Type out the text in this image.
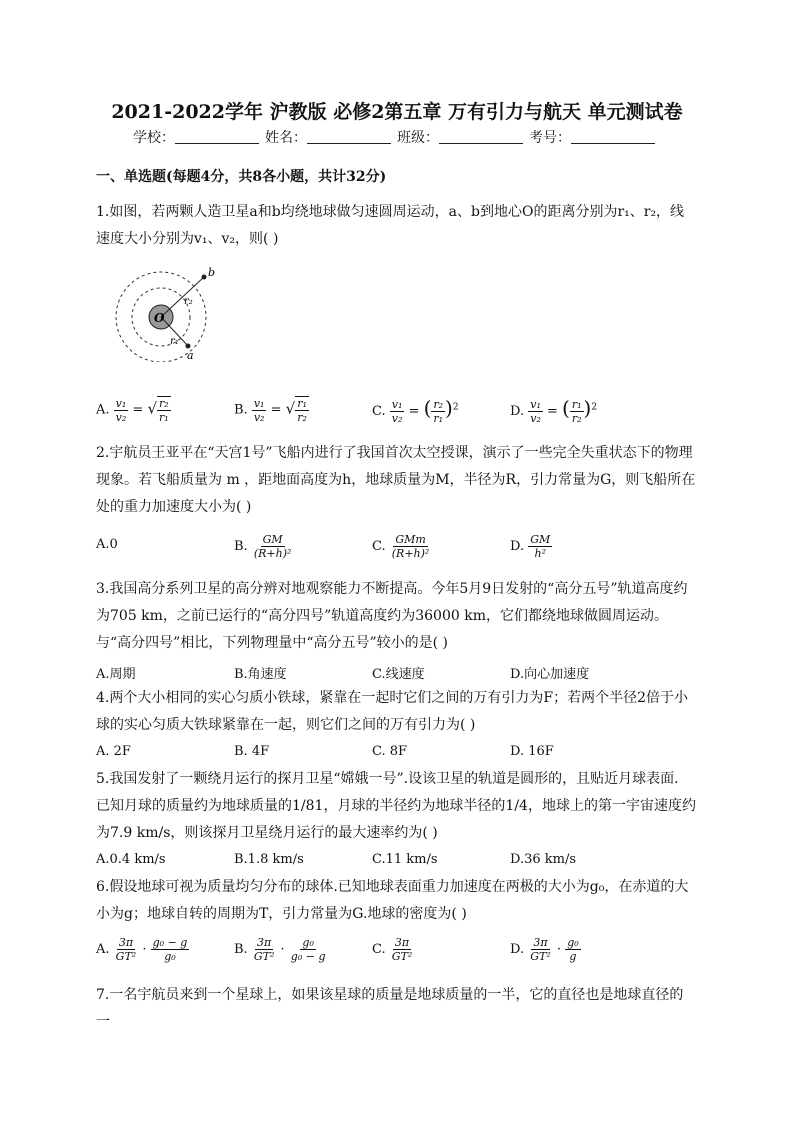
2021-2022学年 沪教版 必修2第五章 万有引力与航天 单元测试卷
学校：	姓名：	班级：	考号：
一、单选题(每题4分，共8各小题，共计32分)
1.如图，若两颗人造卫星a和b均绕地球做匀速圆周运动，a、b到地心O的距离分别为r₁、r₂，线速度大小分别为v₁、v₂，则( )
O
b
a
r₂
r₁
A. $\frac{\text{v₁}}{\text{v₂}}$ = √ $\frac{\text{r₂}}{\text{r₁}}$	B. $\frac{\text{v₁}}{\text{v₂}}$ = √ $\frac{\text{r₁}}{\text{r₂}}$	C. $\frac{\text{v₁}}{\text{v₂}}$ = ( $\frac{\text{r₂}}{\text{r₁}} )^2$	D. $\frac{\text{v₁}}{\text{v₂}}$ = ( $\frac{\text{r₁}}{\text{r₂}} )^2$
2.宇航员王亚平在“天宫1号”飞船内进行了我国首次太空授课，演示了一些完全失重状态下的物理现象。若飞船质量为 m ，距地面高度为h，地球质量为M，半径为R，引力常量为G，则飞船所在处的重力加速度大小为( )
A.0	B. $\frac{GM}{\text{(R+h)²}}$	C. $\frac{\text{GMm}}{\text{(R+h)²}}$	D. $\frac{GM}{\text{h²}}$
3.我国高分系列卫星的高分辨对地观察能力不断提高。今年5月9日发射的“高分五号”轨道高度约为705 km，之前已运行的“高分四号”轨道高度约为36000 km，它们都绕地球做圆周运动。与“高分四号”相比，下列物理量中“高分五号”较小的是( )
A.周期	B.角速度	C.线速度	D.向心加速度
4.两个大小相同的实心匀质小铁球，紧靠在一起时它们之间的万有引力为F；若两个半径2倍于小球的实心匀质大铁球紧靠在一起，则它们之间的万有引力为( )
A. 2F	B. 4F	C. 8F	D. 16F
5.我国发射了一颗绕月运行的探月卫星“嫦娥一号”.设该卫星的轨道是圆形的，且贴近月球表面．已知月球的质量约为地球质量的1/81，月球的半径约为地球半径的1/4，地球上的第一宇宙速度约为7.9 km/s，则该探月卫星绕月运行的最大速率约为( )
A.0.4 km/s	B.1.8 km/s	C.11 km/s	D.36 km/s
6.假设地球可视为质量均匀分布的球体.已知地球表面重力加速度在两极的大小为g₀，在赤道的大小为g；地球自转的周期为T，引力常量为G.地球的密度为( )
A. $\frac{3\pi}{\text{GT²}} \cdot \frac{\text{g₀ − g}}{\text{g₀}}$	B. $\frac{3\pi}{\text{GT²}} \cdot \frac{\text{g₀}}{\text{g₀ − g}}$	C. $\frac{3\pi}{\text{GT²}}$	D. $\frac{3\pi}{\text{GT²}} \cdot \frac{\text{g₀}}{g}$
7.一名宇航员来到一个星球上，如果该星球的质量是地球质量的一半，它的直径也是地球直径的一
